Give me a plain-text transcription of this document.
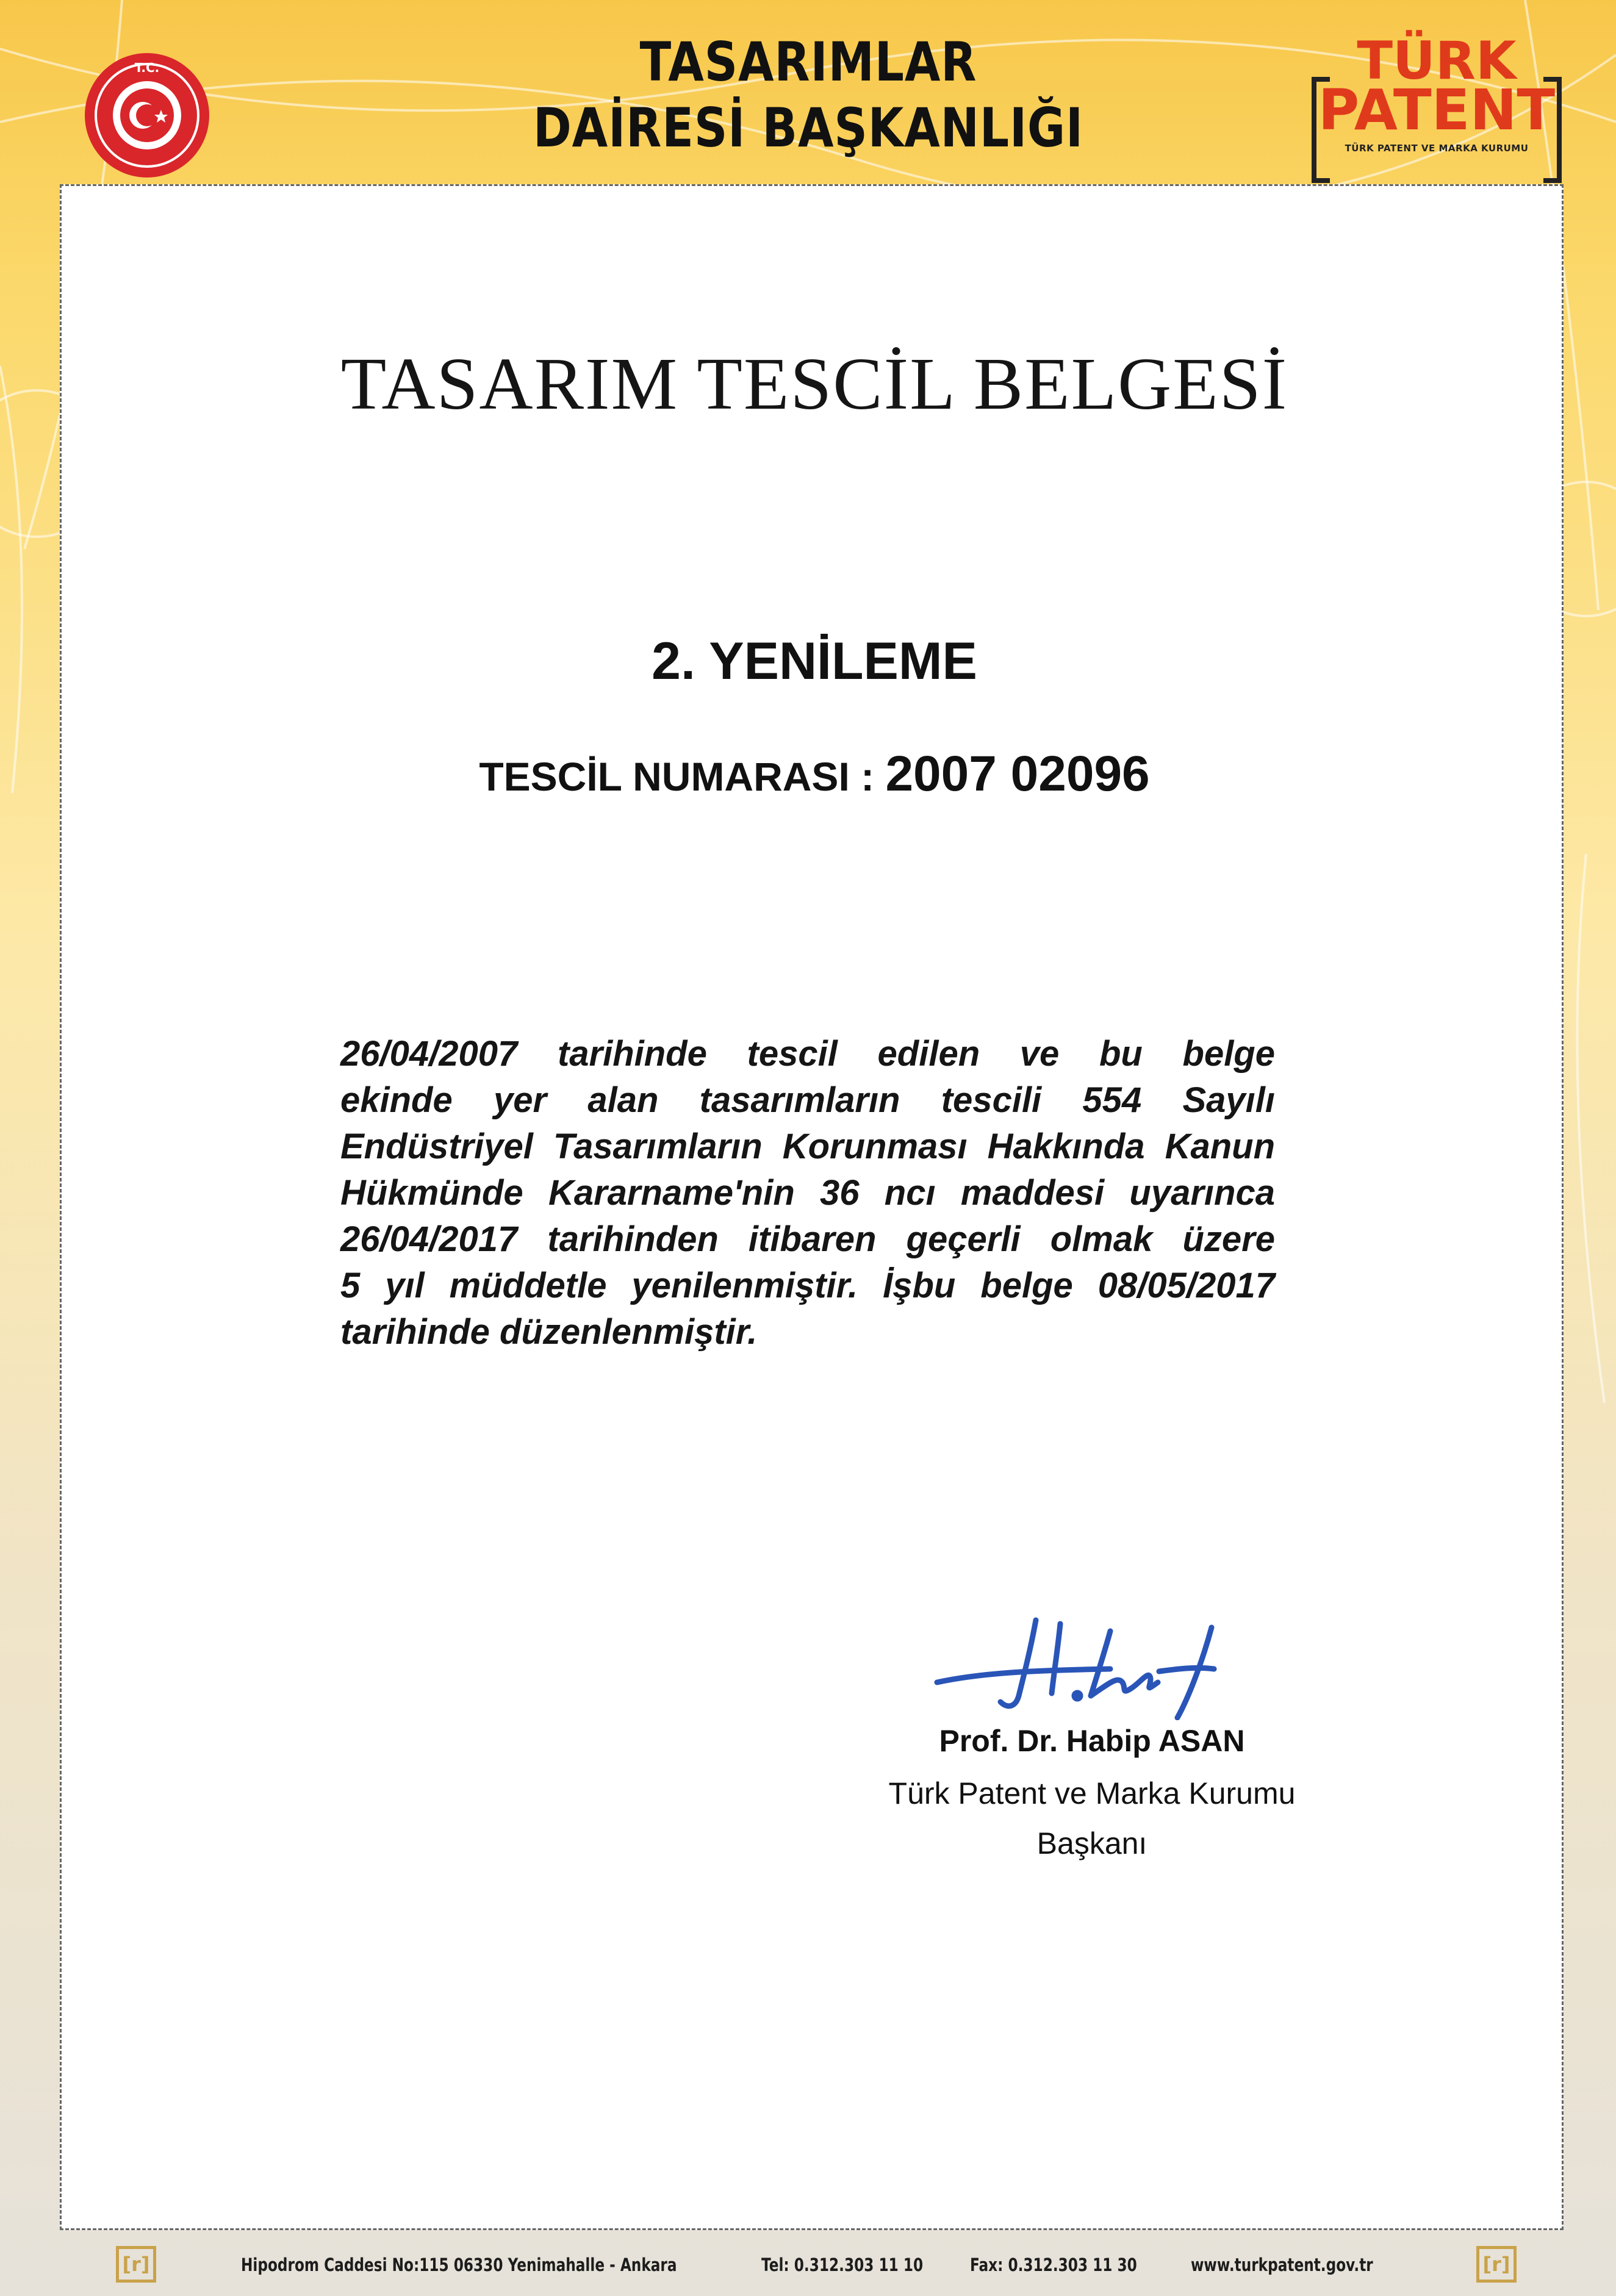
T.C.	TASARIMLAR
DAİRESİ BAŞKANLIĞI
TÜRK
PATENT
TÜRK PATENT VE MARKA KURUMU
TASARIM TESCİL BELGESİ
2. YENİLEME
TESCİL NUMARASI : 2007 02096
26/04/2007 tarihinde tescil edilen ve bu belge
ekinde yer alan tasarımların tescili 554 Sayılı
Endüstriyel Tasarımların Korunması Hakkında Kanun
Hükmünde Kararname'nin 36 ncı maddesi uyarınca
26/04/2017 tarihinden itibaren geçerli olmak üzere
5 yıl müddetle yenilenmiştir. İşbu belge 08/05/2017
tarihinde düzenlenmiştir.
Prof. Dr. Habip ASAN
Türk Patent ve Marka Kurumu
Başkanı
[r]	Hipodrom Caddesi No:115 06330 Yenimahalle - Ankara	Tel: 0.312.303 11 10	Fax: 0.312.303 11 30	www.turkpatent.gov.tr	[r]
